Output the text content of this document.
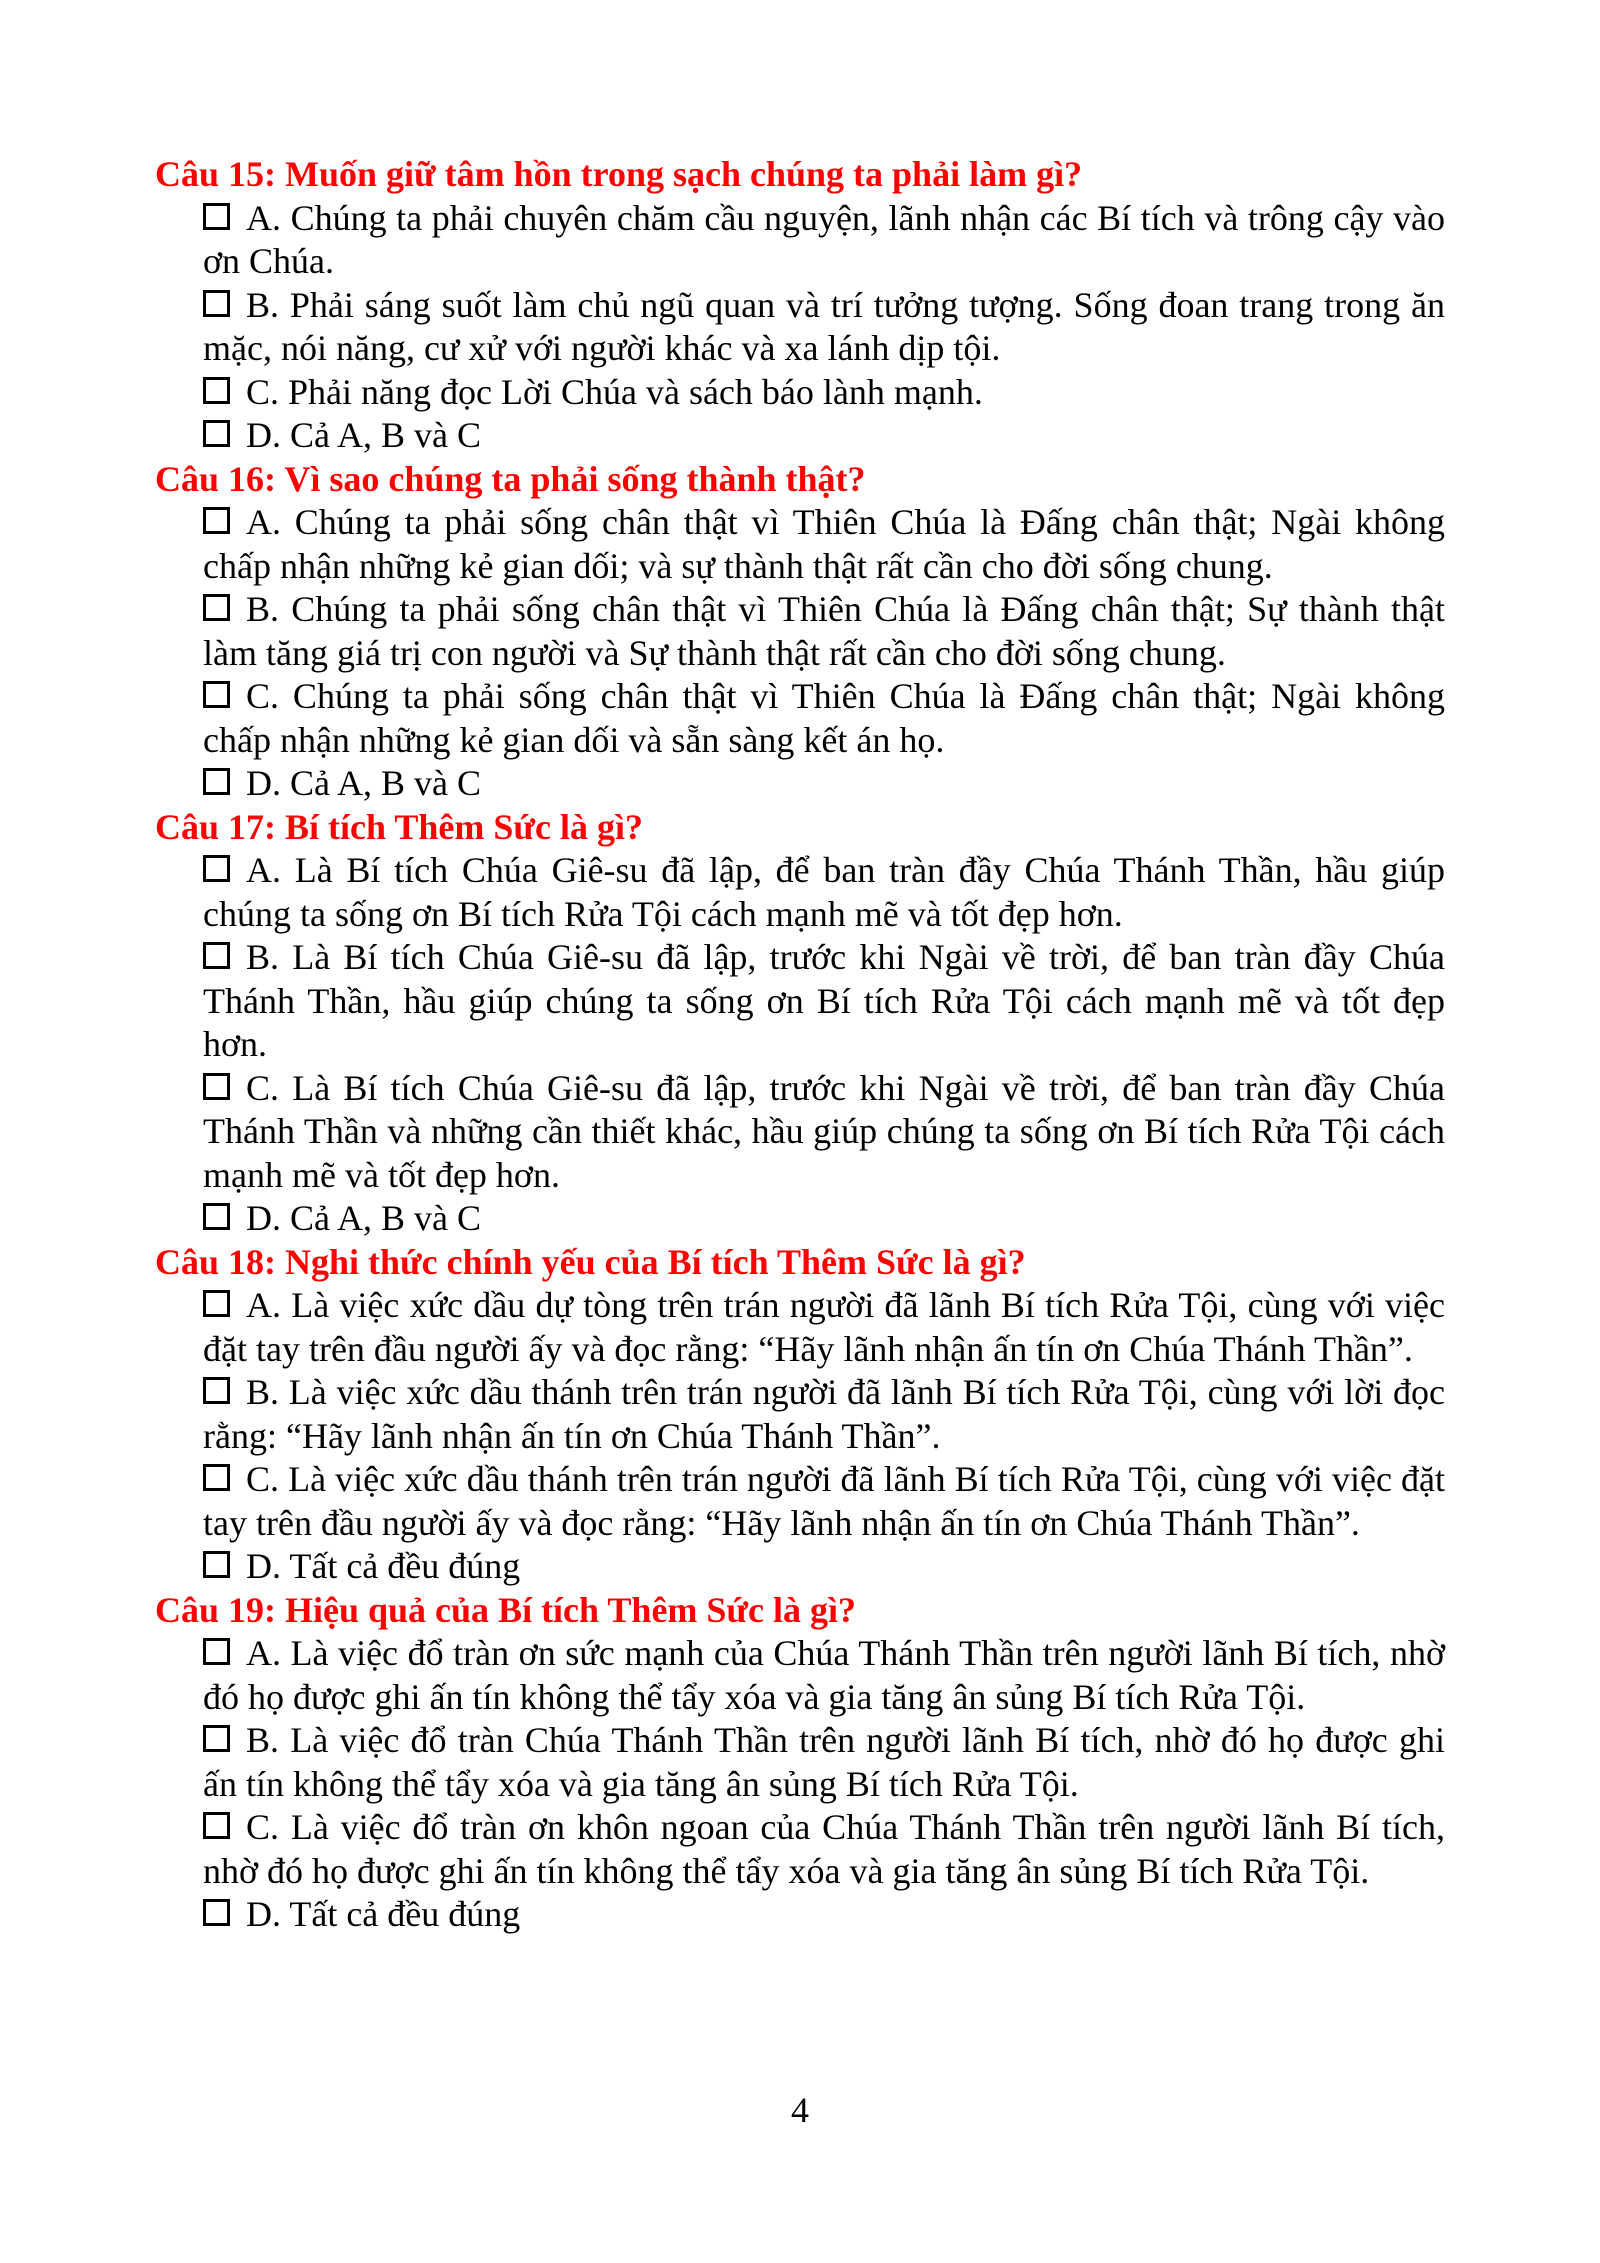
Câu 15: Muốn giữ tâm hồn trong sạch chúng ta phải làm gì?

A. Chúng ta phải chuyên chăm cầu nguyện, lãnh nhận các Bí tích và trông cậy vào ơn Chúa.

B. Phải sáng suốt làm chủ ngũ quan và trí tưởng tượng. Sống đoan trang trong ăn mặc, nói năng, cư xử với người khác và xa lánh dịp tội.

C. Phải năng đọc Lời Chúa và sách báo lành mạnh.

D. Cả A, B và C

Câu 16: Vì sao chúng ta phải sống thành thật?

A. Chúng ta phải sống chân thật vì Thiên Chúa là Đấng chân thật; Ngài không chấp nhận những kẻ gian dối; và sự thành thật rất cần cho đời sống chung.

B. Chúng ta phải sống chân thật vì Thiên Chúa là Đấng chân thật; Sự thành thật làm tăng giá trị con người và Sự thành thật rất cần cho đời sống chung.

C. Chúng ta phải sống chân thật vì Thiên Chúa là Đấng chân thật; Ngài không chấp nhận những kẻ gian dối và sẵn sàng kết án họ.

D. Cả A, B và C

Câu 17: Bí tích Thêm Sức là gì?

A. Là Bí tích Chúa Giê-su đã lập, để ban tràn đầy Chúa Thánh Thần, hầu giúp chúng ta sống ơn Bí tích Rửa Tội cách mạnh mẽ và tốt đẹp hơn.

B. Là Bí tích Chúa Giê-su đã lập, trước khi Ngài về trời, để ban tràn đầy Chúa Thánh Thần, hầu giúp chúng ta sống ơn Bí tích Rửa Tội cách mạnh mẽ và tốt đẹp hơn.

C. Là Bí tích Chúa Giê-su đã lập, trước khi Ngài về trời, để ban tràn đầy Chúa Thánh Thần và những cần thiết khác, hầu giúp chúng ta sống ơn Bí tích Rửa Tội cách mạnh mẽ và tốt đẹp hơn.

D. Cả A, B và C

Câu 18: Nghi thức chính yếu của Bí tích Thêm Sức là gì?

A. Là việc xức dầu dự tòng trên trán người đã lãnh Bí tích Rửa Tội, cùng với việc đặt tay trên đầu người ấy và đọc rằng: “Hãy lãnh nhận ấn tín ơn Chúa Thánh Thần”.

B. Là việc xức dầu thánh trên trán người đã lãnh Bí tích Rửa Tội, cùng với lời đọc rằng: “Hãy lãnh nhận ấn tín ơn Chúa Thánh Thần”.

C. Là việc xức dầu thánh trên trán người đã lãnh Bí tích Rửa Tội, cùng với việc đặt tay trên đầu người ấy và đọc rằng: “Hãy lãnh nhận ấn tín ơn Chúa Thánh Thần”.

D. Tất cả đều đúng

Câu 19: Hiệu quả của Bí tích Thêm Sức là gì?

A. Là việc đổ tràn ơn sức mạnh của Chúa Thánh Thần trên người lãnh Bí tích, nhờ đó họ được ghi ấn tín không thể tẩy xóa và gia tăng ân sủng Bí tích Rửa Tội.

B. Là việc đổ tràn Chúa Thánh Thần trên người lãnh Bí tích, nhờ đó họ được ghi ấn tín không thể tẩy xóa và gia tăng ân sủng Bí tích Rửa Tội.

C. Là việc đổ tràn ơn khôn ngoan của Chúa Thánh Thần trên người lãnh Bí tích, nhờ đó họ được ghi ấn tín không thể tẩy xóa và gia tăng ân sủng Bí tích Rửa Tội.

D. Tất cả đều đúng

4
